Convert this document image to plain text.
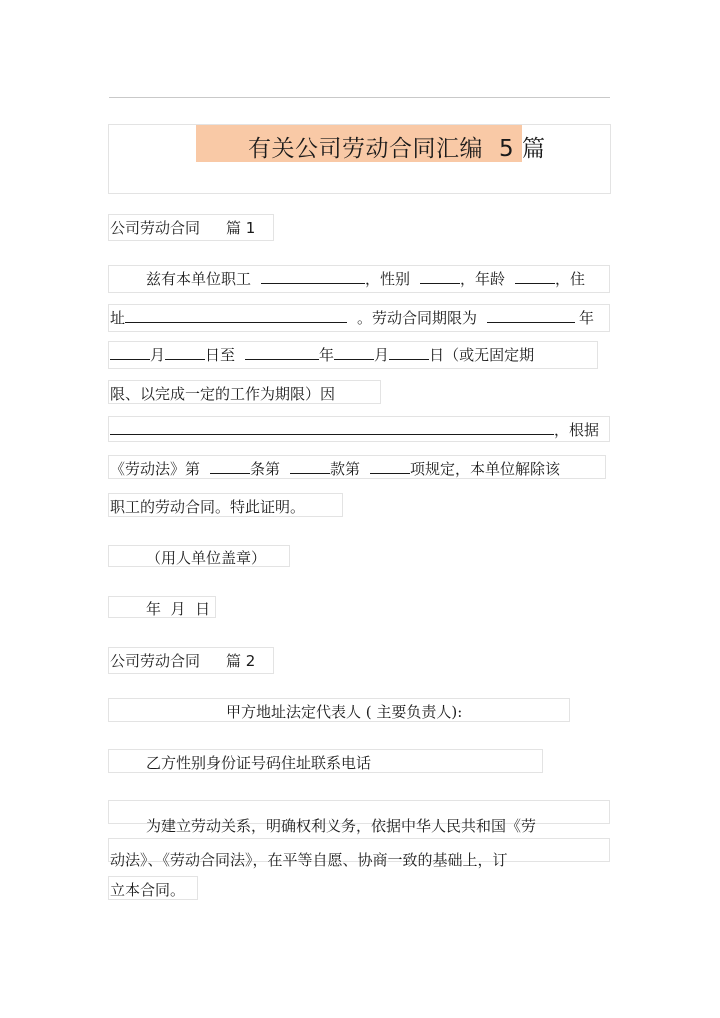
有关公司劳动合同汇编 5 篇
公司劳动合同 篇 1
兹有本单位职工	，性别	，年龄	，住
址	。劳动合同期限为	年
月	日至	年	月	日（或无固定期
限、以完成一定的工作为期限）因
，根据
《劳动法》第	条第	款第	项规定，本单位解除该
职工的劳动合同。特此证明。
（用人单位盖章）
年  月  日
公司劳动合同 篇 2
甲方地址法定代表人 ( 主要负责人):
乙方性别身份证号码住址联系电话
为建立劳动关系，明确权利义务，依据中华人民共和国《劳
动法》、《劳动合同法》，在平等自愿、协商一致的基础上，订
立本合同。
